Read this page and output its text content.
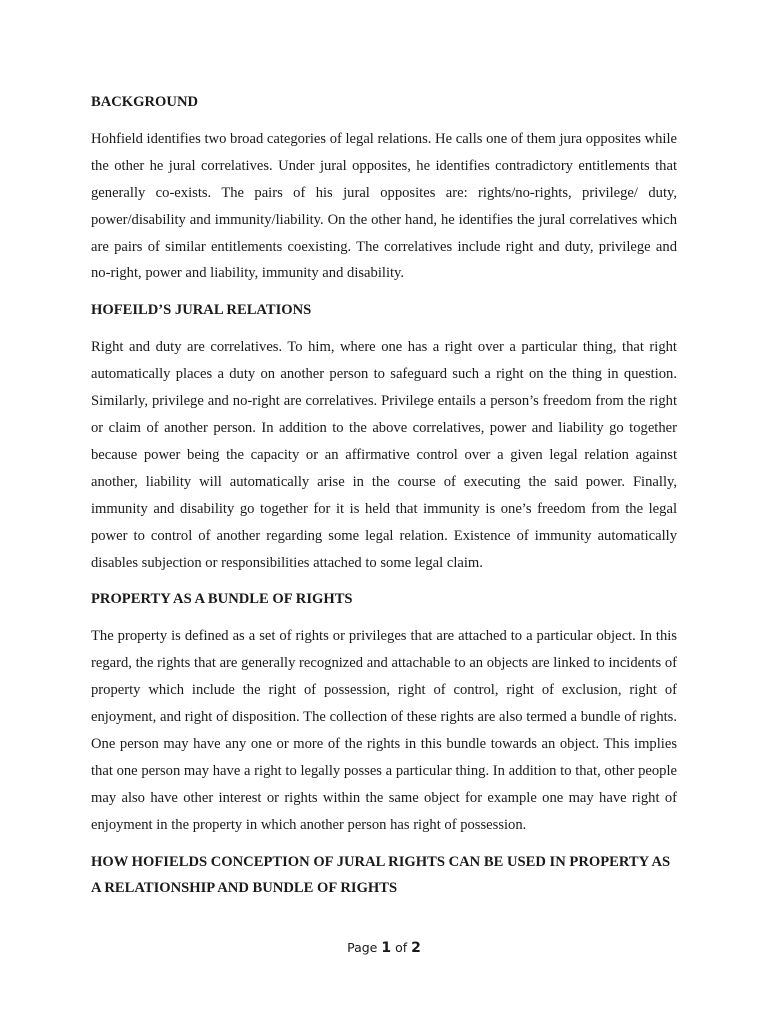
BACKGROUND

Hohfield identifies two broad categories of legal relations. He calls one of them jura opposites while the other he jural correlatives. Under jural opposites, he identifies contradictory entitlements that generally co-exists. The pairs of his jural opposites are: rights/no-rights, privilege/ duty, power/disability and immunity/liability. On the other hand, he identifies the jural correlatives which are pairs of similar entitlements coexisting. The correlatives include right and duty, privilege and no-right, power and liability, immunity and disability.

HOFEILD’S JURAL RELATIONS

Right and duty are correlatives. To him, where one has a right over a particular thing, that right automatically places a duty on another person to safeguard such a right on the thing in question. Similarly, privilege and no-right are correlatives. Privilege entails a person’s freedom from the right or claim of another person. In addition to the above correlatives, power and liability go together because power being the capacity or an affirmative control over a given legal relation against another, liability will automatically arise in the course of executing the said power. Finally, immunity and disability go together for it is held that immunity is one’s freedom from the legal power to control of another regarding some legal relation. Existence of immunity automatically disables subjection or responsibilities attached to some legal claim.

PROPERTY AS A BUNDLE OF RIGHTS

The property is defined as a set of rights or privileges that are attached to a particular object. In this regard, the rights that are generally recognized and attachable to an objects are linked to incidents of property which include the right of possession, right of control, right of exclusion, right of enjoyment, and right of disposition. The collection of these rights are also termed a bundle of rights. One person may have any one or more of the rights in this bundle towards an object. This implies that one person may have a right to legally posses a particular thing. In addition to that, other people may also have other interest or rights within the same object for example one may have right of enjoyment in the property in which another person has right of possession.

HOW HOFIELDS CONCEPTION OF JURAL RIGHTS CAN BE USED IN PROPERTY AS A RELATIONSHIP AND BUNDLE OF RIGHTS

Page 1 of 2
